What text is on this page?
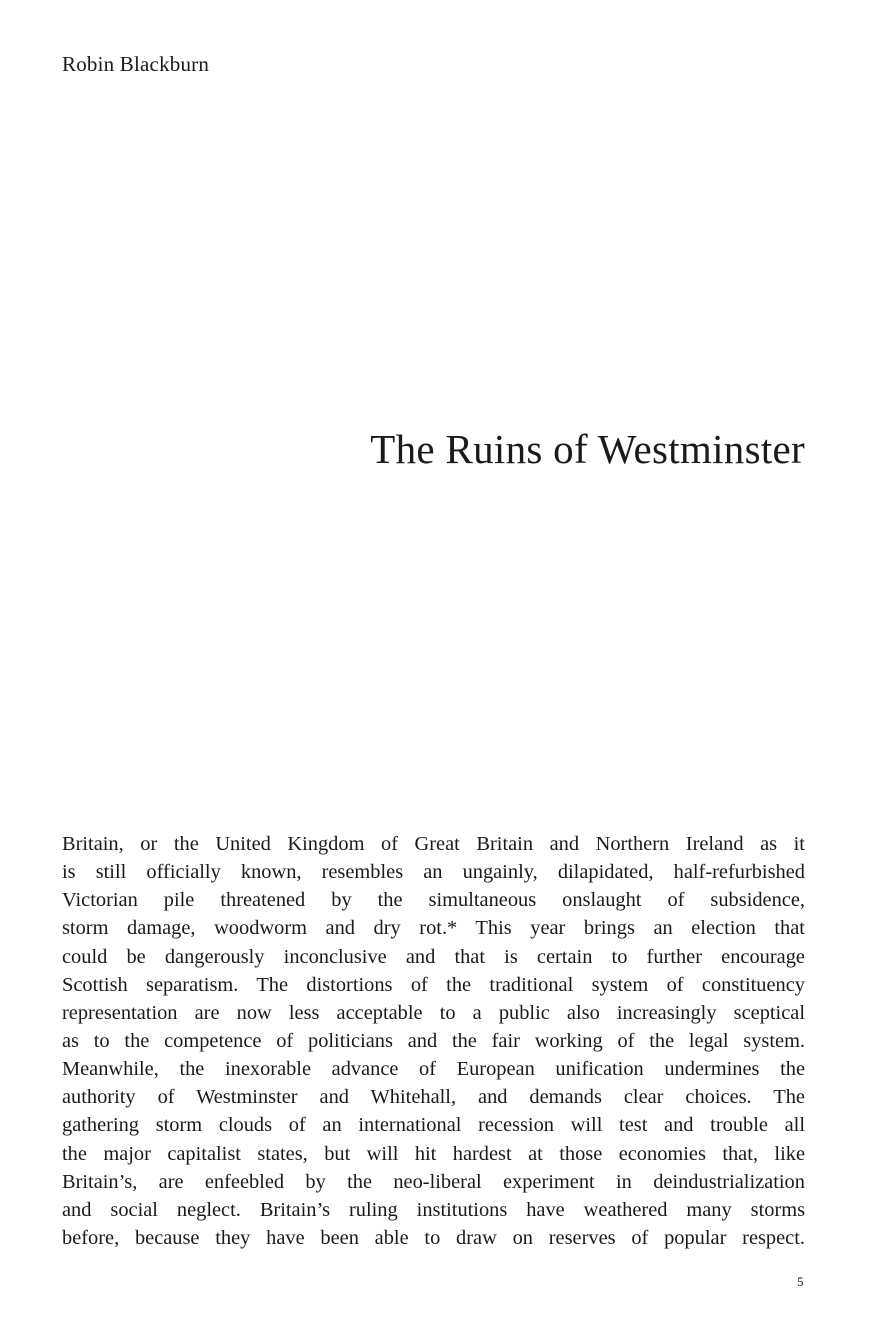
Robin Blackburn
The Ruins of Westminster
Britain, or the United Kingdom of Great Britain and Northern Ireland as it
is still officially known, resembles an ungainly, dilapidated, half-refurbished
Victorian pile threatened by the simultaneous onslaught of subsidence,
storm damage, woodworm and dry rot.* This year brings an election that
could be dangerously inconclusive and that is certain to further encourage
Scottish separatism. The distortions of the traditional system of constituency
representation are now less acceptable to a public also increasingly sceptical
as to the competence of politicians and the fair working of the legal system.
Meanwhile, the inexorable advance of European unification undermines the
authority of Westminster and Whitehall, and demands clear choices. The
gathering storm clouds of an international recession will test and trouble all
the major capitalist states, but will hit hardest at those economies that, like
Britain’s, are enfeebled by the neo-liberal experiment in deindustrialization
and social neglect. Britain’s ruling institutions have weathered many storms
before, because they have been able to draw on reserves of popular respect.
5
